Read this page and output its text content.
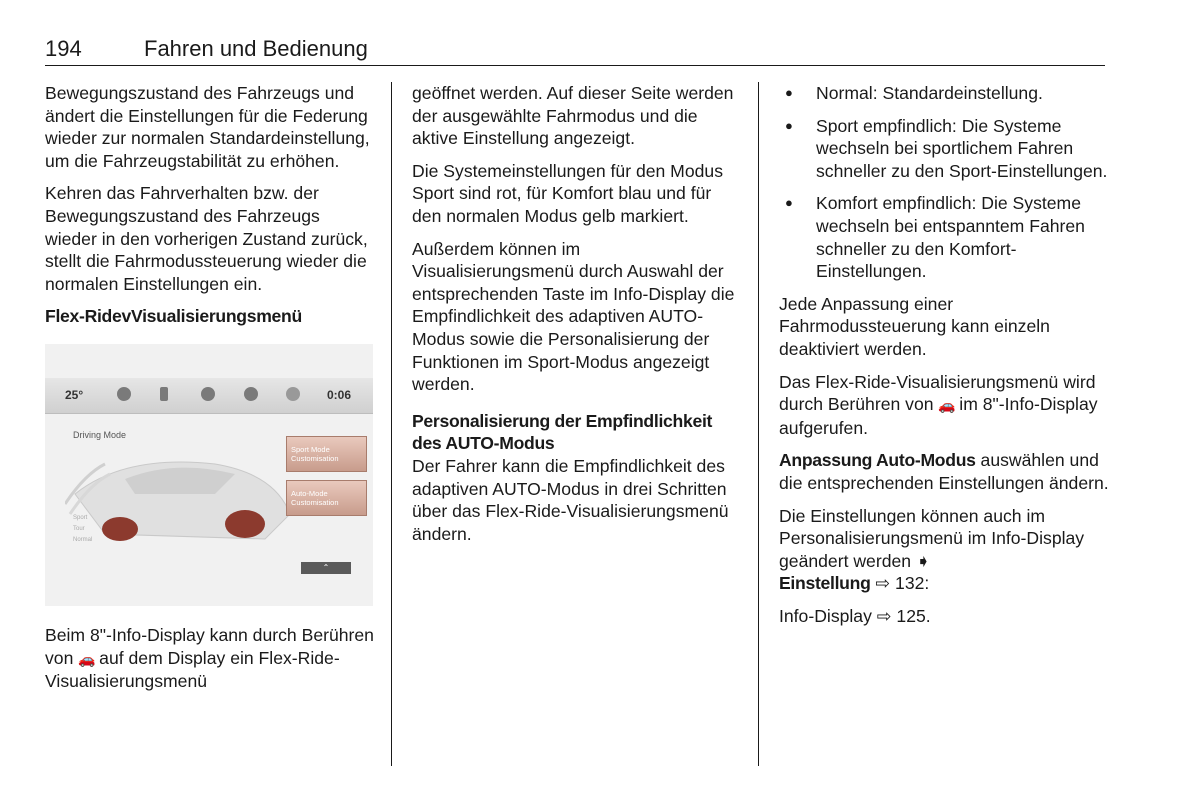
194	Fahren und Bedienung

Bewegungszustand des Fahrzeugs und ändert die Einstellungen für die Federung wieder zur normalen Standardeinstellung, um die Fahrzeugstabilität zu erhöhen.

Kehren das Fahrverhalten bzw. der Bewegungszustand des Fahrzeugs wieder in den vorherigen Zustand zurück, stellt die Fahrmodussteuerung wieder die normalen Einstellungen ein.

Flex-RidevVisualisierungsmenü
25°	0:06
Driving Mode
Sport Mode Customisation
Auto-Mode Customisation
Sport
Tour
Normal
⌃

Beim 8"-Info-Display kann durch Berühren von 🚗 auf dem Display ein Flex-Ride-Visualisierungsmenü

geöffnet werden. Auf dieser Seite werden der ausgewählte Fahrmodus und die aktive Einstellung angezeigt.

Die Systemeinstellungen für den Modus Sport sind rot, für Komfort blau und für den normalen Modus gelb markiert.

Außerdem können im Visualisierungsmenü durch Auswahl der entsprechenden Taste im Info-Display die Empfindlichkeit des adaptiven AUTO-Modus sowie die Personalisierung der Funktionen im Sport-Modus angezeigt werden.

Personalisierung der Empfindlichkeit des AUTO-Modus

Der Fahrer kann die Empfindlichkeit des adaptiven AUTO-Modus in drei Schritten über das Flex-Ride-Visualisierungsmenü ändern.

● Normal: Standardeinstellung.
● Sport empfindlich: Die Systeme wechseln bei sportlichem Fahren schneller zu den Sport-Einstellungen.
● Komfort empfindlich: Die Systeme wechseln bei entspanntem Fahren schneller zu den Komfort-Einstellungen.

Jede Anpassung einer Fahrmodussteuerung kann einzeln deaktiviert werden.

Das Flex-Ride-Visualisierungsmenü wird durch Berühren von 🚗 im 8"-Info-Display aufgerufen.

Anpassung Auto-Modus auswählen und die entsprechenden Einstellungen ändern.

Die Einstellungen können auch im Personalisierungsmenü im Info-Display geändert werden ➧
Einstellung ⇨ 132:

Info-Display ⇨ 125.
